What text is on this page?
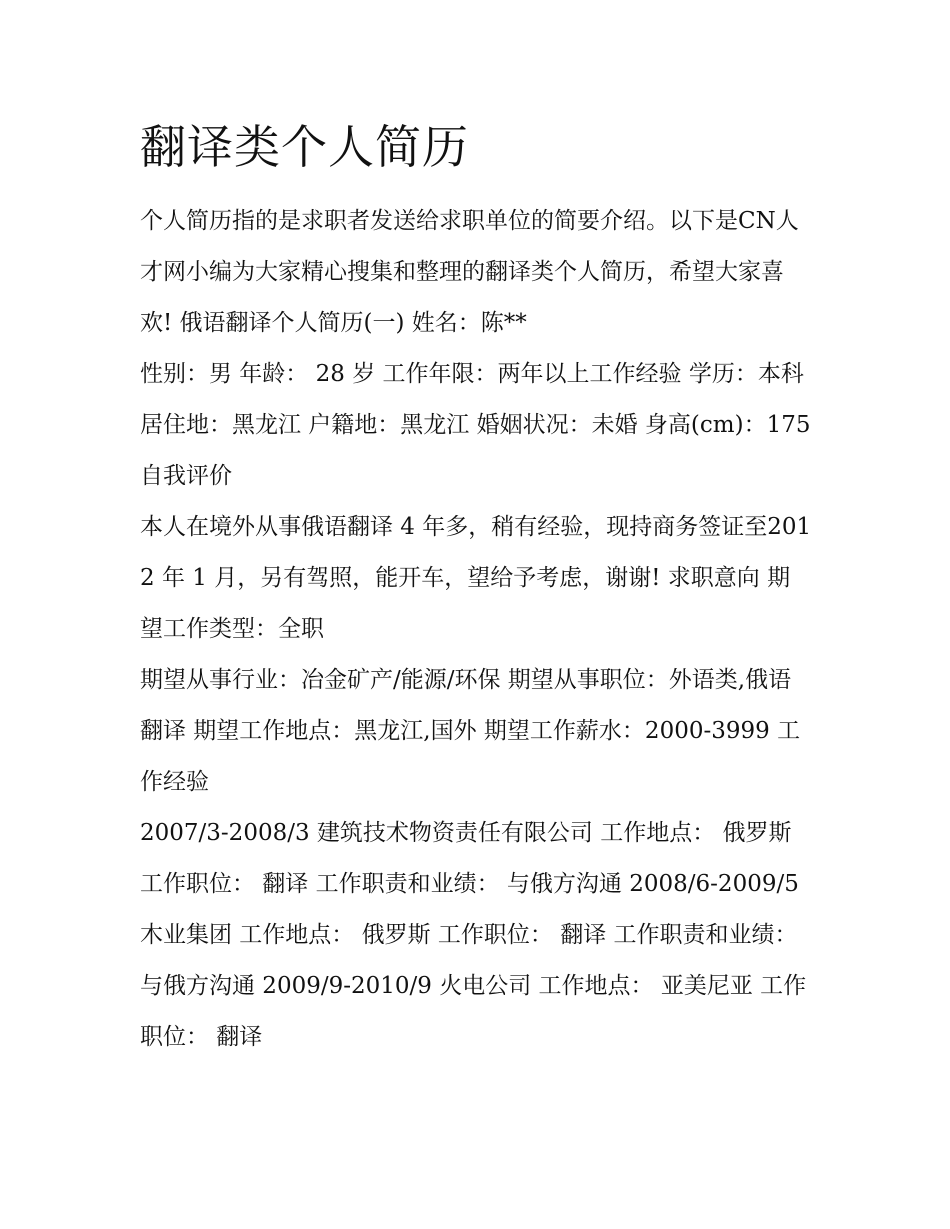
翻译类个人简历

个人简历指的是求职者发送给求职单位的简要介绍。以下是CN人才网小编为大家精心搜集和整理的翻译类个人简历，希望大家喜欢! 俄语翻译个人简历(一) 姓名：陈**

性别：男 年龄： 28 岁 工作年限：两年以上工作经验 学历：本科 居住地：黑龙江 户籍地：黑龙江 婚姻状况：未婚 身高(cm)：175 自我评价

本人在境外从事俄语翻译 4 年多，稍有经验，现持商务签证至2012 年 1 月，另有驾照，能开车，望给予考虑，谢谢! 求职意向 期望工作类型：全职

期望从事行业：冶金矿产/能源/环保 期望从事职位：外语类,俄语 翻译 期望工作地点：黑龙江,国外 期望工作薪水：2000-3999 工作经验

2007/3-2008/3 建筑技术物资责任有限公司 工作地点： 俄罗斯 工作职位： 翻译 工作职责和业绩： 与俄方沟通 2008/6-2009/5

木业集团 工作地点： 俄罗斯 工作职位： 翻译 工作职责和业绩： 与俄方沟通 2009/9-2010/9 火电公司 工作地点： 亚美尼亚 工作职位： 翻译
